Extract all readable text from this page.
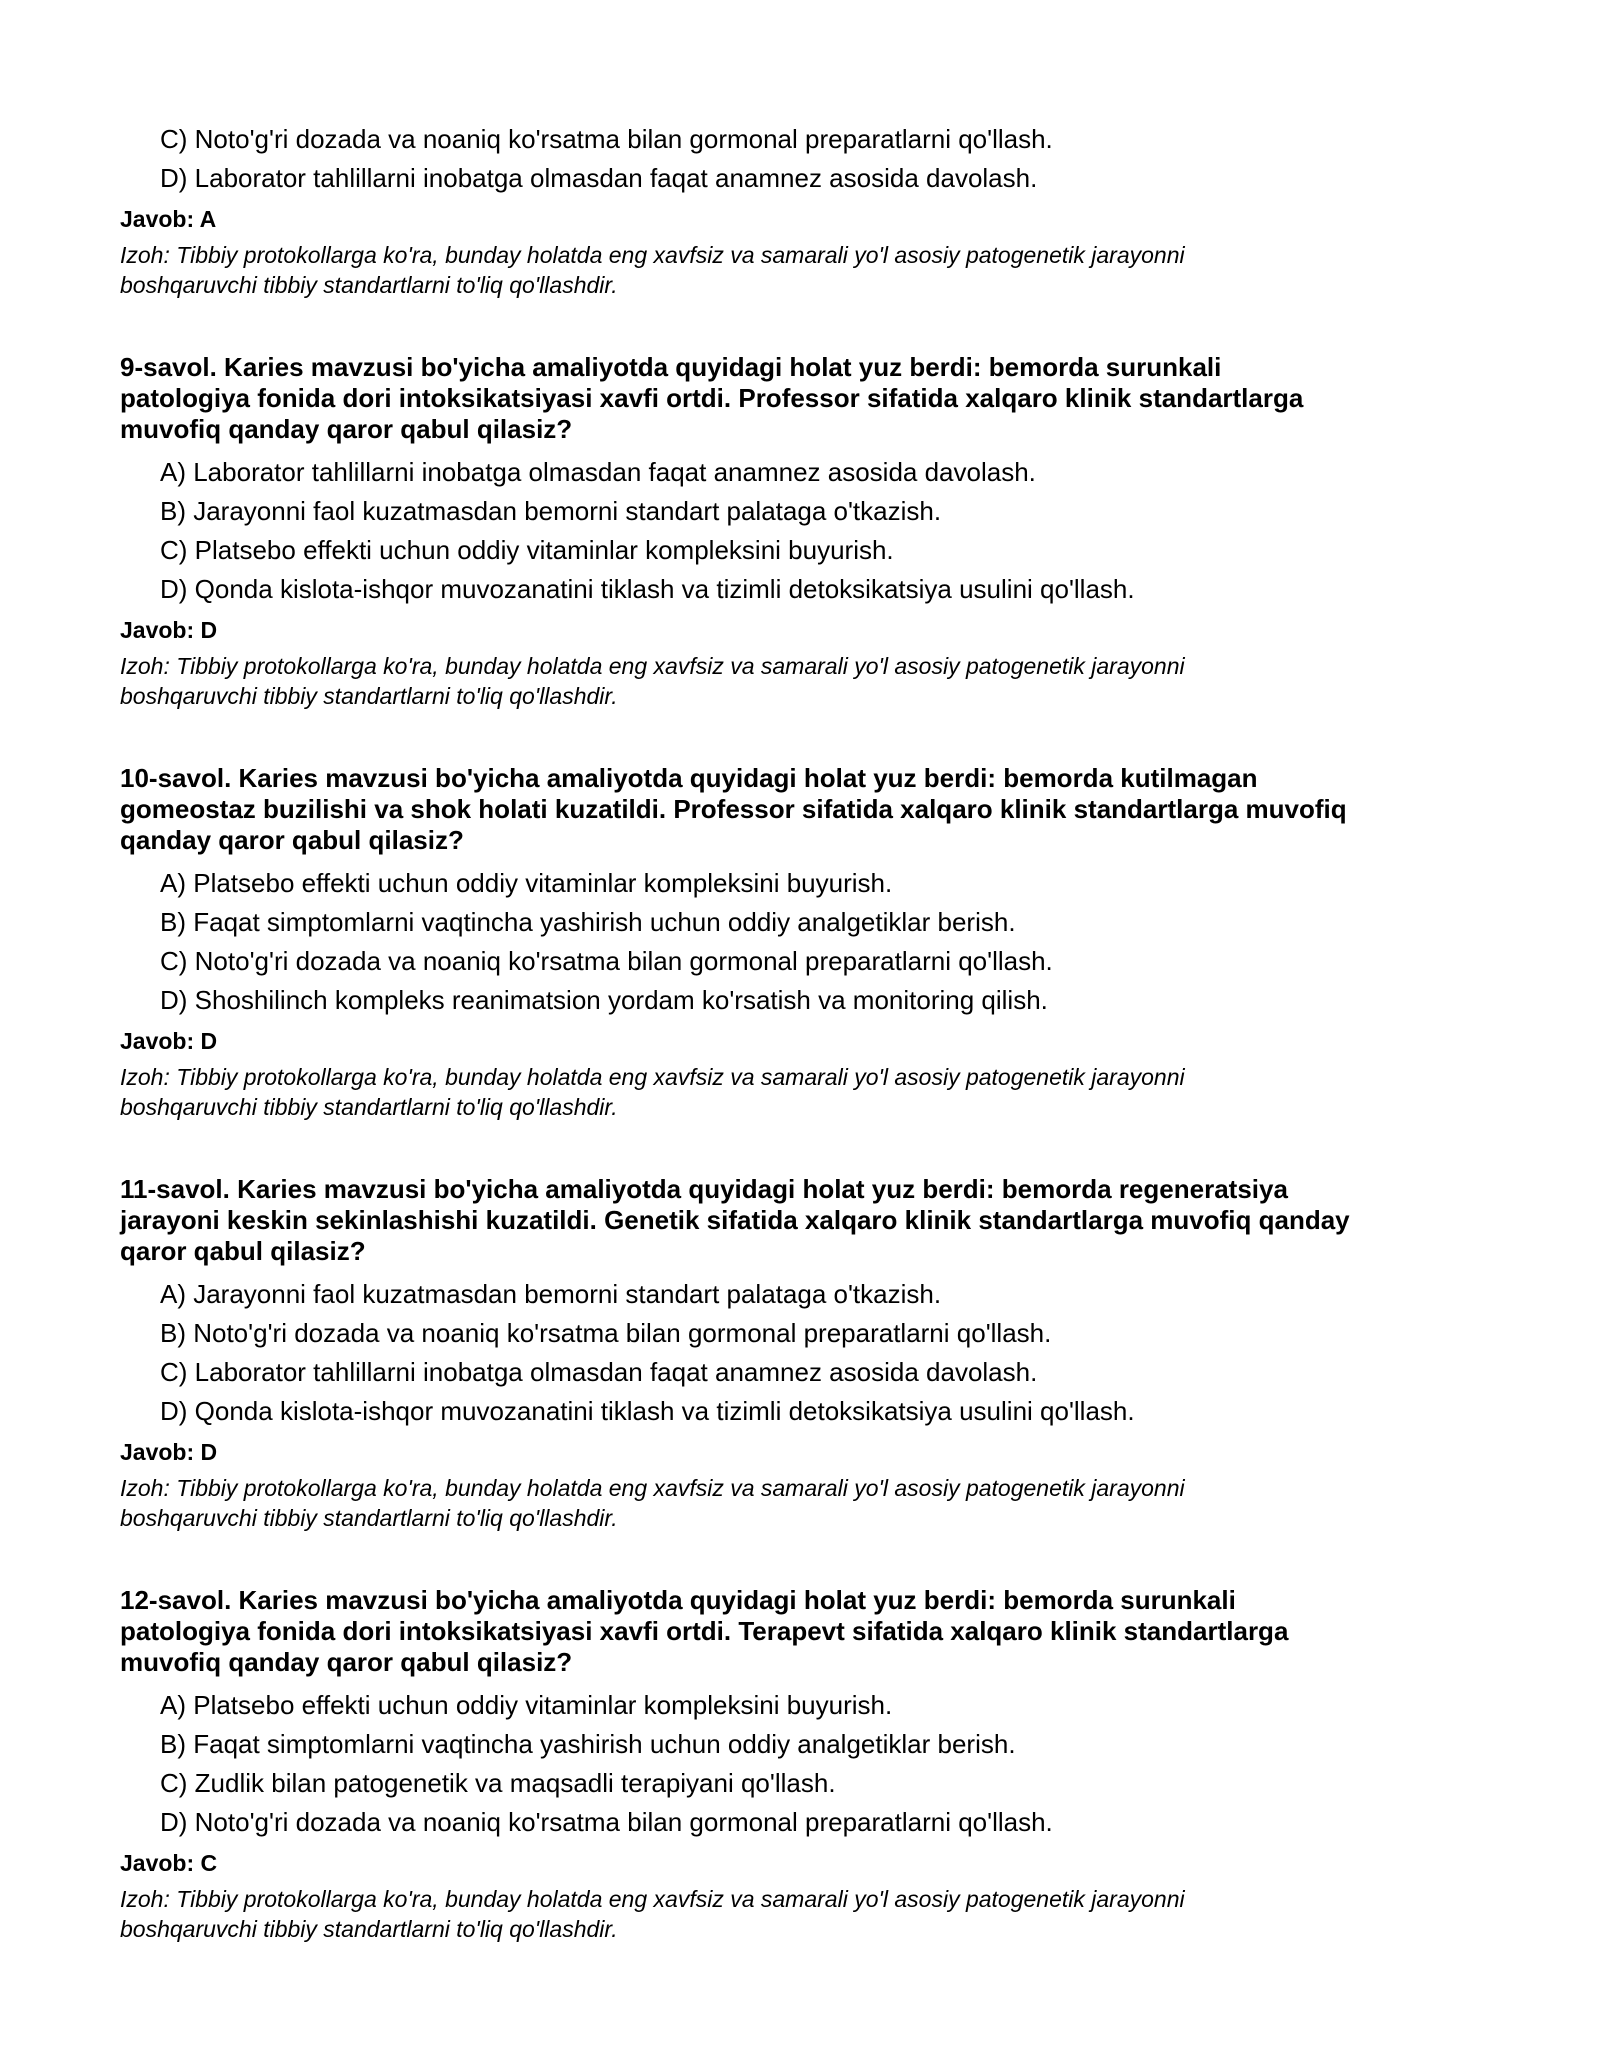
C) Noto'g'ri dozada va noaniq ko'rsatma bilan gormonal preparatlarni qo'llash.
D) Laborator tahlillarni inobatga olmasdan faqat anamnez asosida davolash.
Javob: A
Izoh: Tibbiy protokollarga ko'ra, bunday holatda eng xavfsiz va samarali yo'l asosiy patogenetik jarayonni
boshqaruvchi tibbiy standartlarni to'liq qo'llashdir.
9-savol. Karies mavzusi bo'yicha amaliyotda quyidagi holat yuz berdi: bemorda surunkali
patologiya fonida dori intoksikatsiyasi xavfi ortdi. Professor sifatida xalqaro klinik standartlarga
muvofiq qanday qaror qabul qilasiz?
A) Laborator tahlillarni inobatga olmasdan faqat anamnez asosida davolash.
B) Jarayonni faol kuzatmasdan bemorni standart palataga o'tkazish.
C) Platsebo effekti uchun oddiy vitaminlar kompleksini buyurish.
D) Qonda kislota-ishqor muvozanatini tiklash va tizimli detoksikatsiya usulini qo'llash.
Javob: D
Izoh: Tibbiy protokollarga ko'ra, bunday holatda eng xavfsiz va samarali yo'l asosiy patogenetik jarayonni
boshqaruvchi tibbiy standartlarni to'liq qo'llashdir.
10-savol. Karies mavzusi bo'yicha amaliyotda quyidagi holat yuz berdi: bemorda kutilmagan
gomeostaz buzilishi va shok holati kuzatildi. Professor sifatida xalqaro klinik standartlarga muvofiq
qanday qaror qabul qilasiz?
A) Platsebo effekti uchun oddiy vitaminlar kompleksini buyurish.
B) Faqat simptomlarni vaqtincha yashirish uchun oddiy analgetiklar berish.
C) Noto'g'ri dozada va noaniq ko'rsatma bilan gormonal preparatlarni qo'llash.
D) Shoshilinch kompleks reanimatsion yordam ko'rsatish va monitoring qilish.
Javob: D
Izoh: Tibbiy protokollarga ko'ra, bunday holatda eng xavfsiz va samarali yo'l asosiy patogenetik jarayonni
boshqaruvchi tibbiy standartlarni to'liq qo'llashdir.
11-savol. Karies mavzusi bo'yicha amaliyotda quyidagi holat yuz berdi: bemorda regeneratsiya
jarayoni keskin sekinlashishi kuzatildi. Genetik sifatida xalqaro klinik standartlarga muvofiq qanday
qaror qabul qilasiz?
A) Jarayonni faol kuzatmasdan bemorni standart palataga o'tkazish.
B) Noto'g'ri dozada va noaniq ko'rsatma bilan gormonal preparatlarni qo'llash.
C) Laborator tahlillarni inobatga olmasdan faqat anamnez asosida davolash.
D) Qonda kislota-ishqor muvozanatini tiklash va tizimli detoksikatsiya usulini qo'llash.
Javob: D
Izoh: Tibbiy protokollarga ko'ra, bunday holatda eng xavfsiz va samarali yo'l asosiy patogenetik jarayonni
boshqaruvchi tibbiy standartlarni to'liq qo'llashdir.
12-savol. Karies mavzusi bo'yicha amaliyotda quyidagi holat yuz berdi: bemorda surunkali
patologiya fonida dori intoksikatsiyasi xavfi ortdi. Terapevt sifatida xalqaro klinik standartlarga
muvofiq qanday qaror qabul qilasiz?
A) Platsebo effekti uchun oddiy vitaminlar kompleksini buyurish.
B) Faqat simptomlarni vaqtincha yashirish uchun oddiy analgetiklar berish.
C) Zudlik bilan patogenetik va maqsadli terapiyani qo'llash.
D) Noto'g'ri dozada va noaniq ko'rsatma bilan gormonal preparatlarni qo'llash.
Javob: C
Izoh: Tibbiy protokollarga ko'ra, bunday holatda eng xavfsiz va samarali yo'l asosiy patogenetik jarayonni
boshqaruvchi tibbiy standartlarni to'liq qo'llashdir.
